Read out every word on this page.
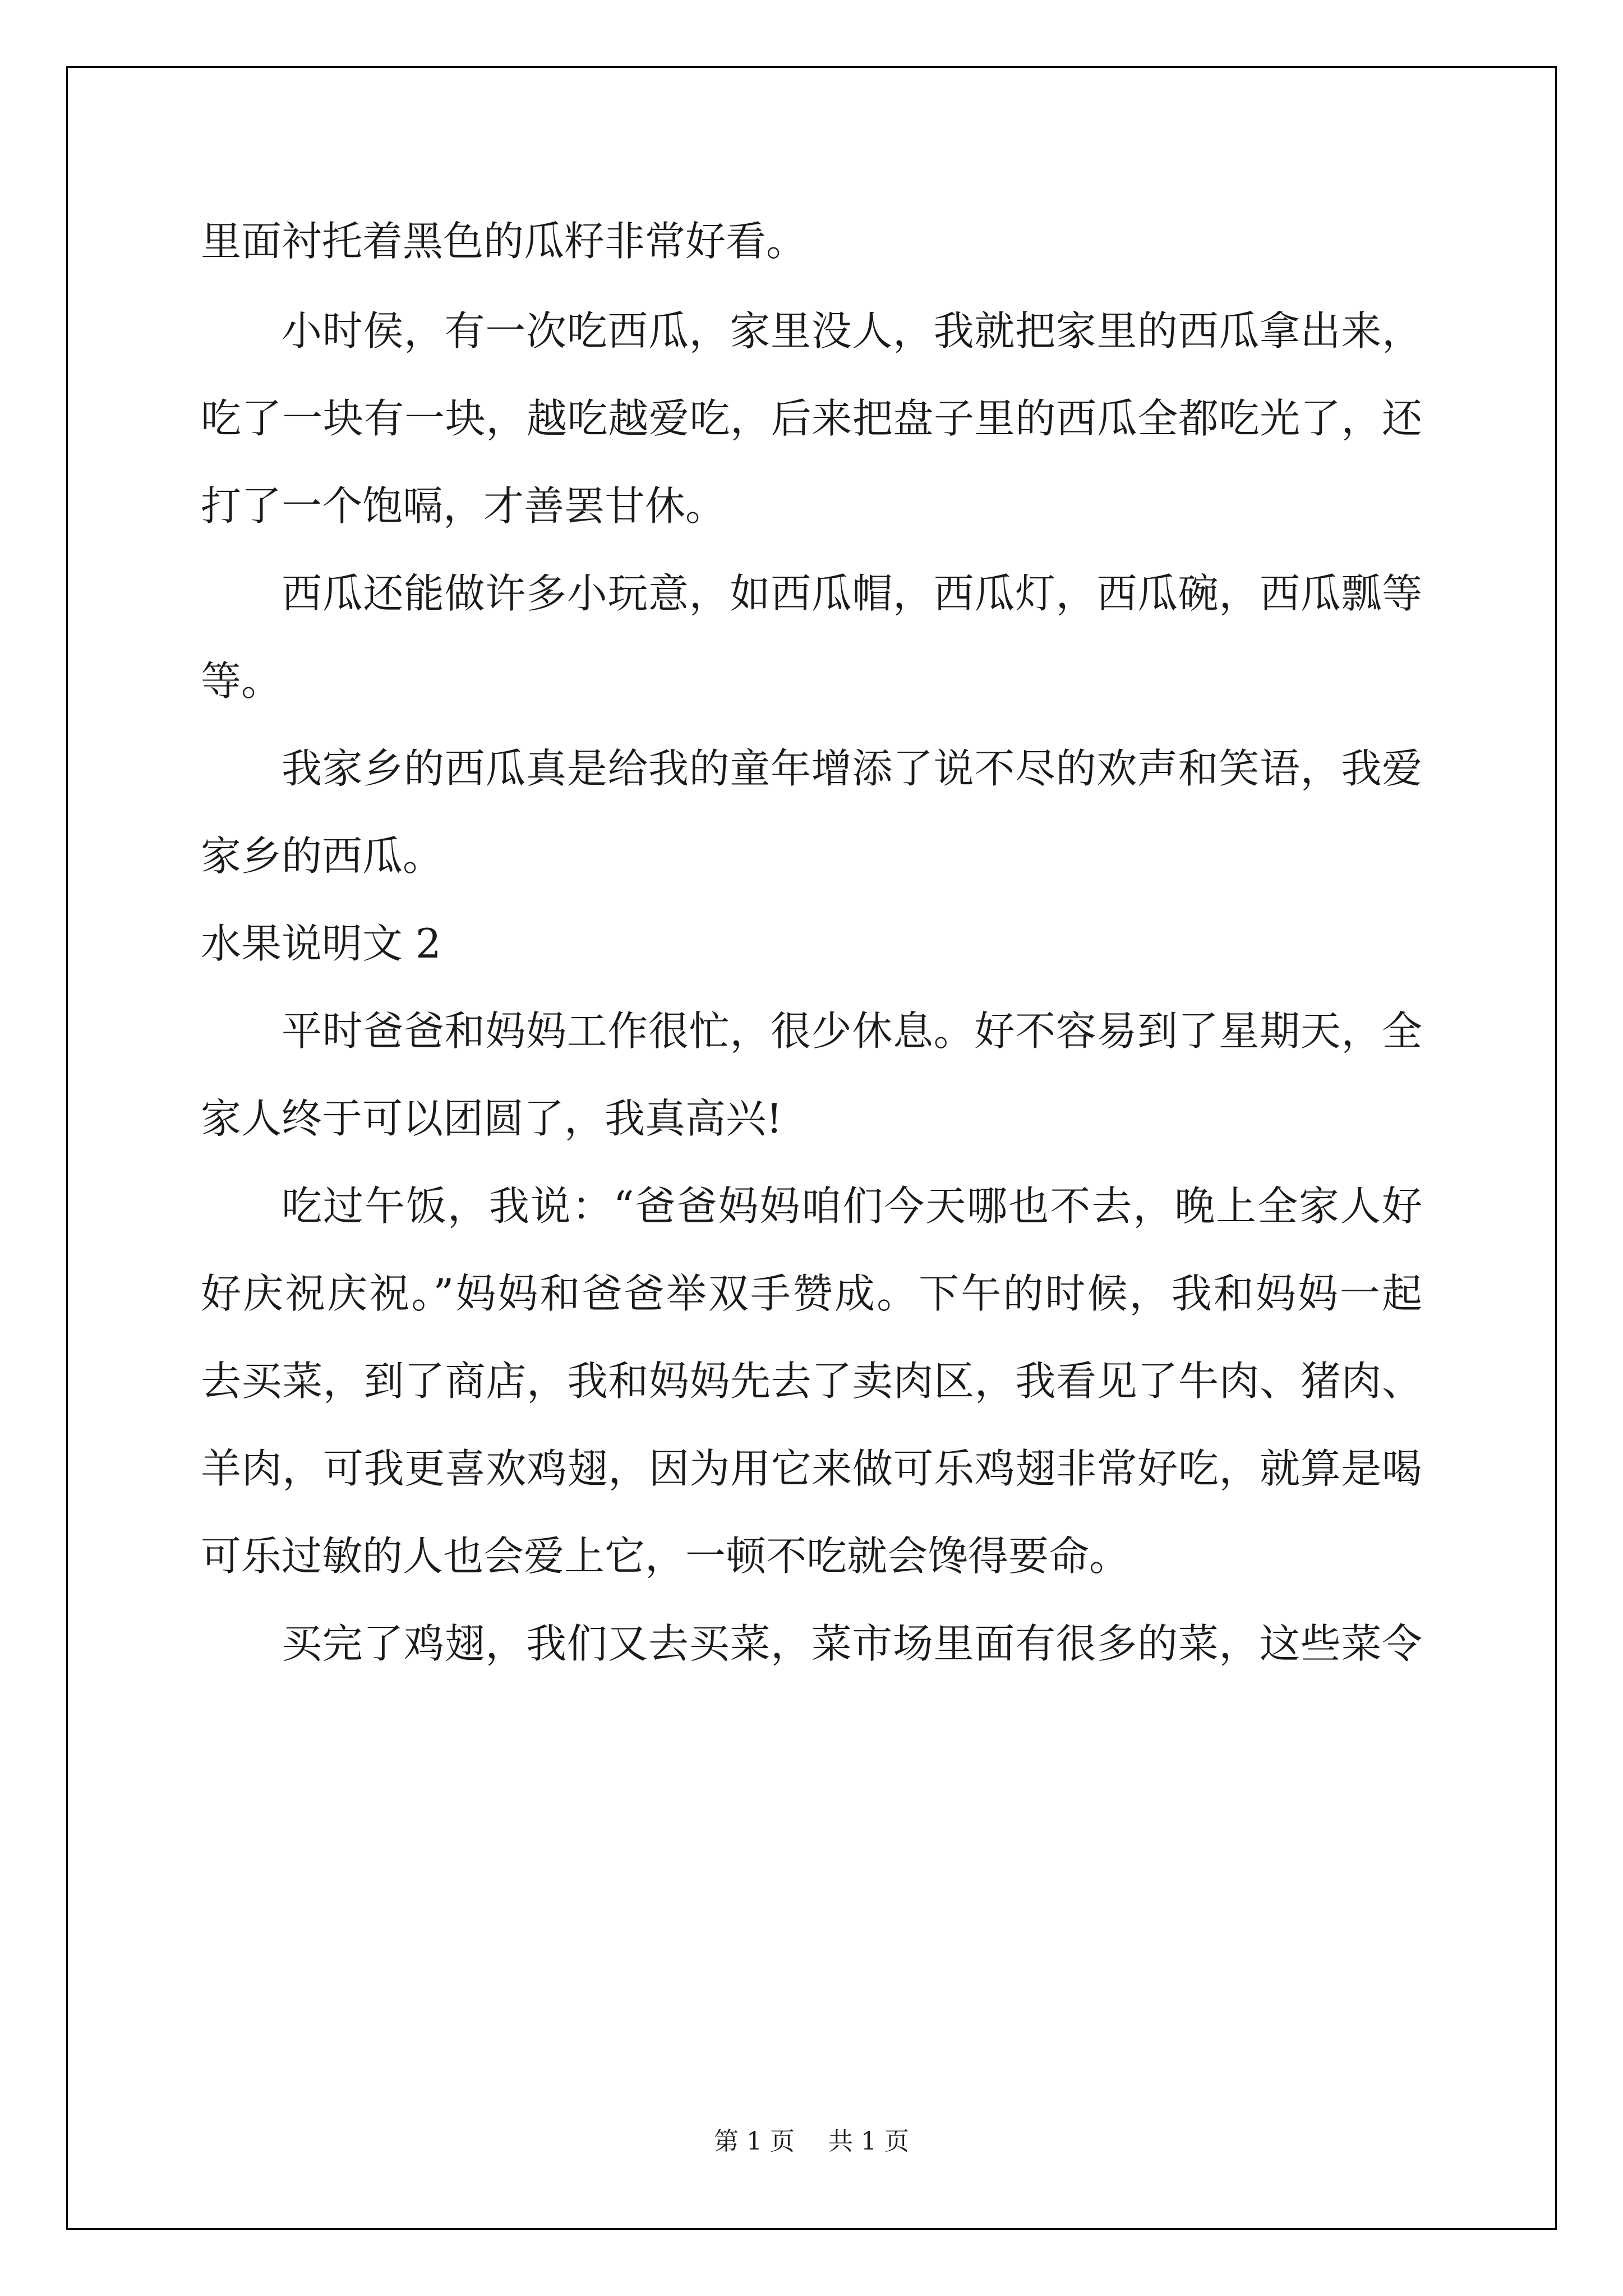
里面衬托着黑色的瓜籽非常好看。
小时侯，有一次吃西瓜，家里没人，我就把家里的西瓜拿出来，
吃了一块有一块，越吃越爱吃，后来把盘子里的西瓜全都吃光了，还
打了一个饱嗝，才善罢甘休。
西瓜还能做许多小玩意，如西瓜帽，西瓜灯，西瓜碗，西瓜瓢等
等。
我家乡的西瓜真是给我的童年增添了说不尽的欢声和笑语，我爱
家乡的西瓜。
水果说明文 2
平时爸爸和妈妈工作很忙，很少休息。好不容易到了星期天，全
家人终于可以团圆了，我真高兴!
吃过午饭，我说：“爸爸妈妈咱们今天哪也不去，晚上全家人好
好庆祝庆祝。”妈妈和爸爸举双手赞成。下午的时候，我和妈妈一起
去买菜，到了商店，我和妈妈先去了卖肉区，我看见了牛肉、猪肉、
羊肉，可我更喜欢鸡翅，因为用它来做可乐鸡翅非常好吃，就算是喝
可乐过敏的人也会爱上它，一顿不吃就会馋得要命。
买完了鸡翅，我们又去买菜，菜市场里面有很多的菜，这些菜令
第 1 页 共 1 页
